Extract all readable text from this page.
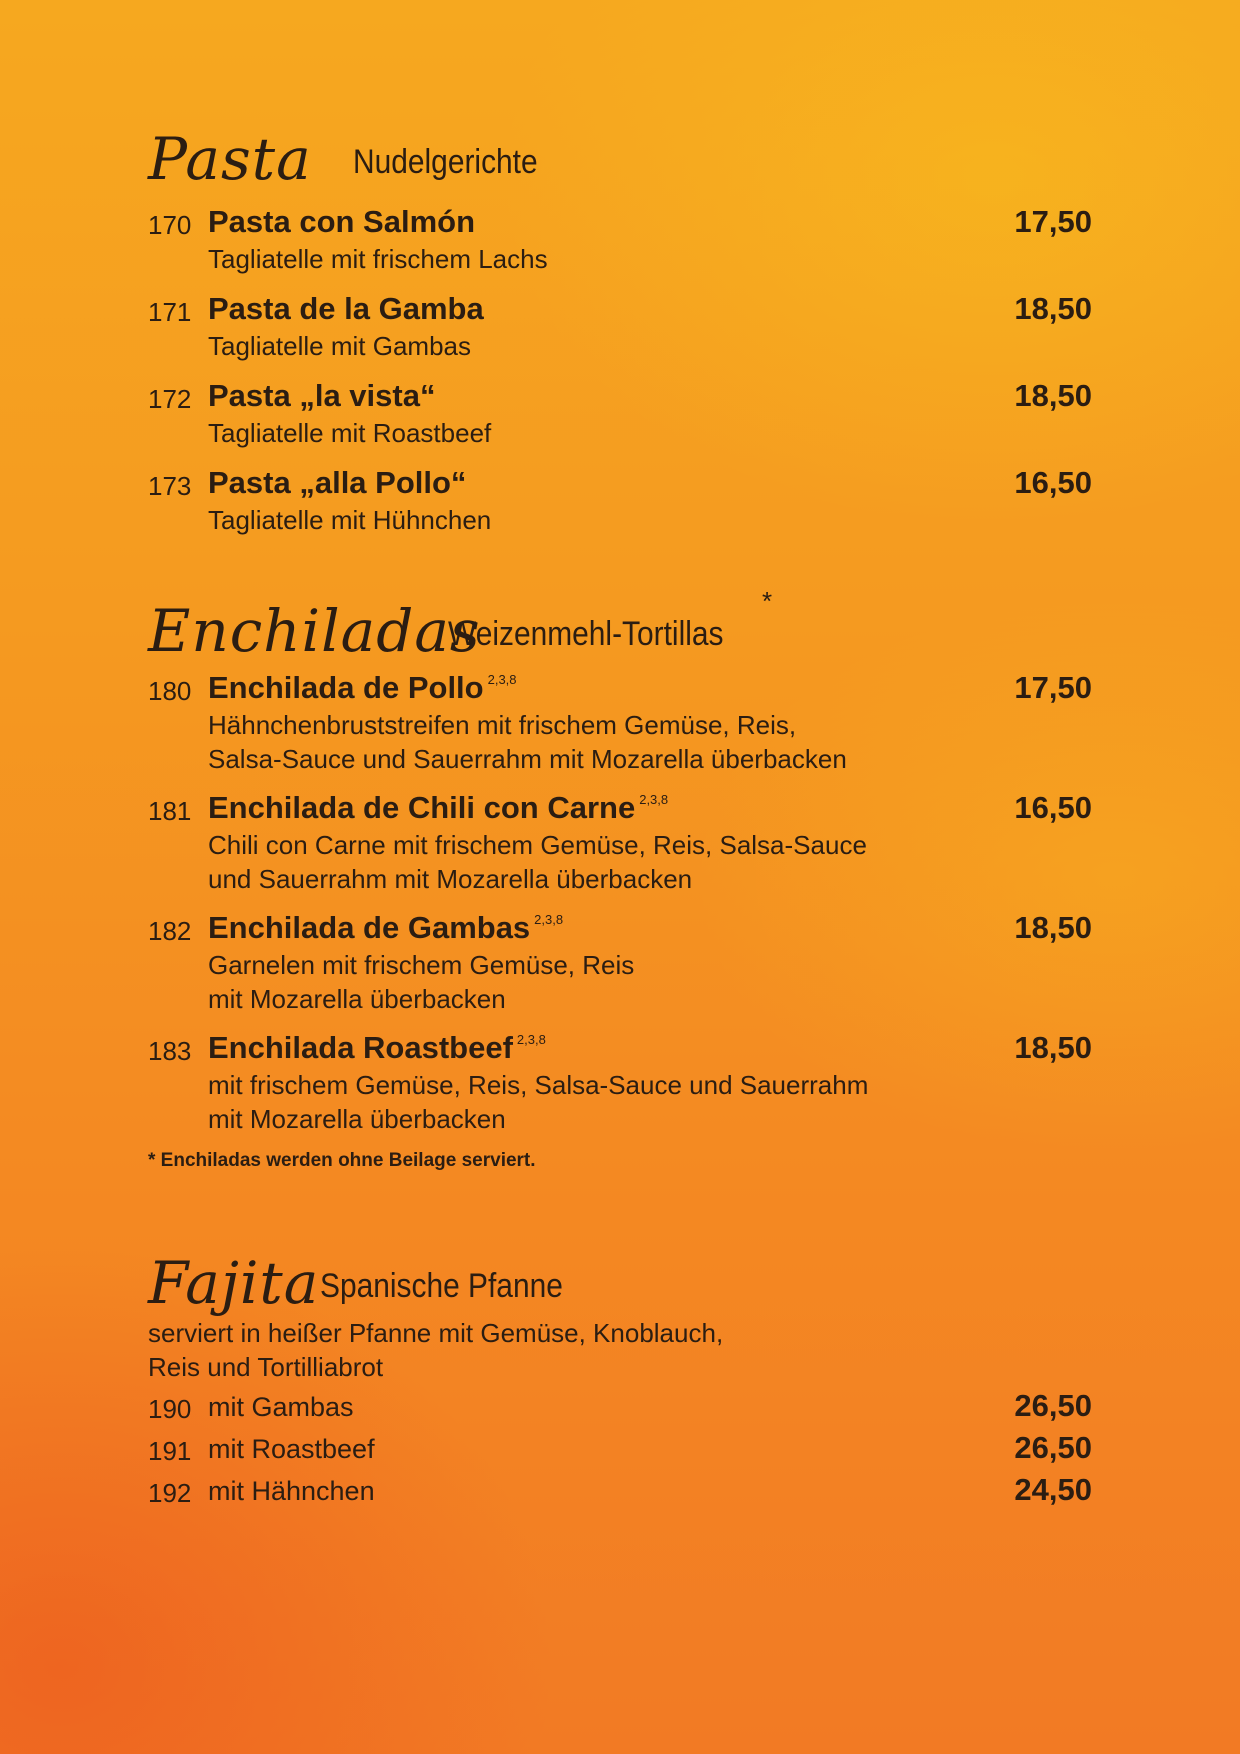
Pasta Nudelgerichte
170 Pasta con Salmón	17,50
Tagliatelle mit frischem Lachs
171 Pasta de la Gamba	18,50
Tagliatelle mit Gambas
172 Pasta „la vista“	18,50
Tagliatelle mit Roastbeef
173 Pasta „alla Pollo“	16,50
Tagliatelle mit Hühnchen
Enchiladas
Weizenmehl-Tortillas
*
180 Enchilada de Pollo $^{2,3,8}$	17,50
Hähnchenbruststreifen mit frischem Gemüse, Reis,
Salsa-Sauce und Sauerrahm mit Mozarella überbacken
181 Enchilada de Chili con Carne $^{2,3,8}$	16,50
Chili con Carne mit frischem Gemüse, Reis, Salsa-Sauce
und Sauerrahm mit Mozarella überbacken
182 Enchilada de Gambas $^{2,3,8}$	18,50
Garnelen mit frischem Gemüse, Reis
mit Mozarella überbacken
183 Enchilada Roastbeef $^{2,3,8}$	18,50
mit frischem Gemüse, Reis, Salsa-Sauce und Sauerrahm
mit Mozarella überbacken
* Enchiladas werden ohne Beilage serviert.
Fajita Spanische Pfanne
serviert in heißer Pfanne mit Gemüse, Knoblauch,
Reis und Tortilliabrot
190 mit Gambas	26,50
191 mit Roastbeef	26,50
192 mit Hähnchen	24,50
